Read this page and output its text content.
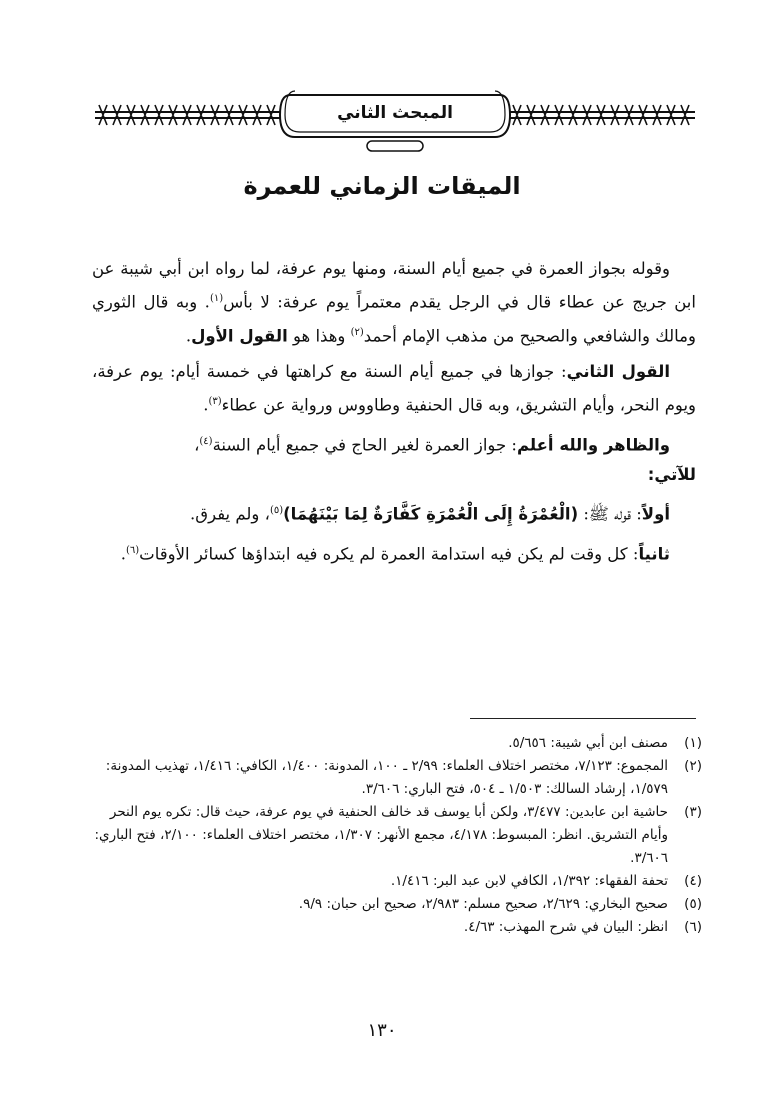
المبحث الثاني
الميقات الزماني للعمرة

وقوله بجواز العمرة في جميع أيام السنة، ومنها يوم عرفة، لما رواه ابن أبي شيبة عن ابن جريج عن عطاء قال في الرجل يقدم معتمراً يوم عرفة: لا بأس$^{(١)}$. وبه قال الثوري ومالك والشافعي والصحيح من مذهب الإمام أحمد$^{(٢)}$ وهذا هو القول الأول.

القول الثاني: جوازها في جميع أيام السنة مع كراهتها في خمسة أيام: يوم عرفة، ويوم النحر، وأيام التشريق، وبه قال الحنفية وطاووس ورواية عن عطاء$^{(٣)}$.

والظاهر والله أعلم: جواز العمرة لغير الحاج في جميع أيام السنة$^{(٤)}$،
للآتي:

أولاً: قوله ﷺ: (الْعُمْرَةُ إِلَى الْعُمْرَةِ كَفَّارَةٌ لِمَا بَيْنَهُمَا)$^{(٥)}$، ولم يفرق.

ثانياً: كل وقت لم يكن فيه استدامة العمرة لم يكره فيه ابتداؤها كسائر الأوقات$^{(٦)}$.

(١)
مصنف ابن أبي شيبة: ٥/٦٥٦.
(٢)
المجموع: ٧/١٢٣، مختصر اختلاف العلماء: ٢/٩٩ ـ ١٠٠، المدونة: ١/٤٠٠، الكافي: ١/٤١٦، تهذيب المدونة: ١/٥٧٩، إرشاد السالك: ١/٥٠٣ ـ ٥٠٤، فتح الباري: ٣/٦٠٦.
(٣)
حاشية ابن عابدين: ٣/٤٧٧، ولكن أبا يوسف قد خالف الحنفية في يوم عرفة، حيث قال: تكره يوم النحر وأيام التشريق. انظر: المبسوط: ٤/١٧٨، مجمع الأنهر: ١/٣٠٧، مختصر اختلاف العلماء: ٢/١٠٠، فتح الباري: ٣/٦٠٦.
(٤)
تحفة الفقهاء: ١/٣٩٢، الكافي لابن عبد البر: ١/٤١٦.
(٥)
صحيح البخاري: ٢/٦٢٩، صحيح مسلم: ٢/٩٨٣، صحيح ابن حبان: ٩/٩.
(٦)
انظر: البيان في شرح المهذب: ٤/٦٣.
١٣٠
